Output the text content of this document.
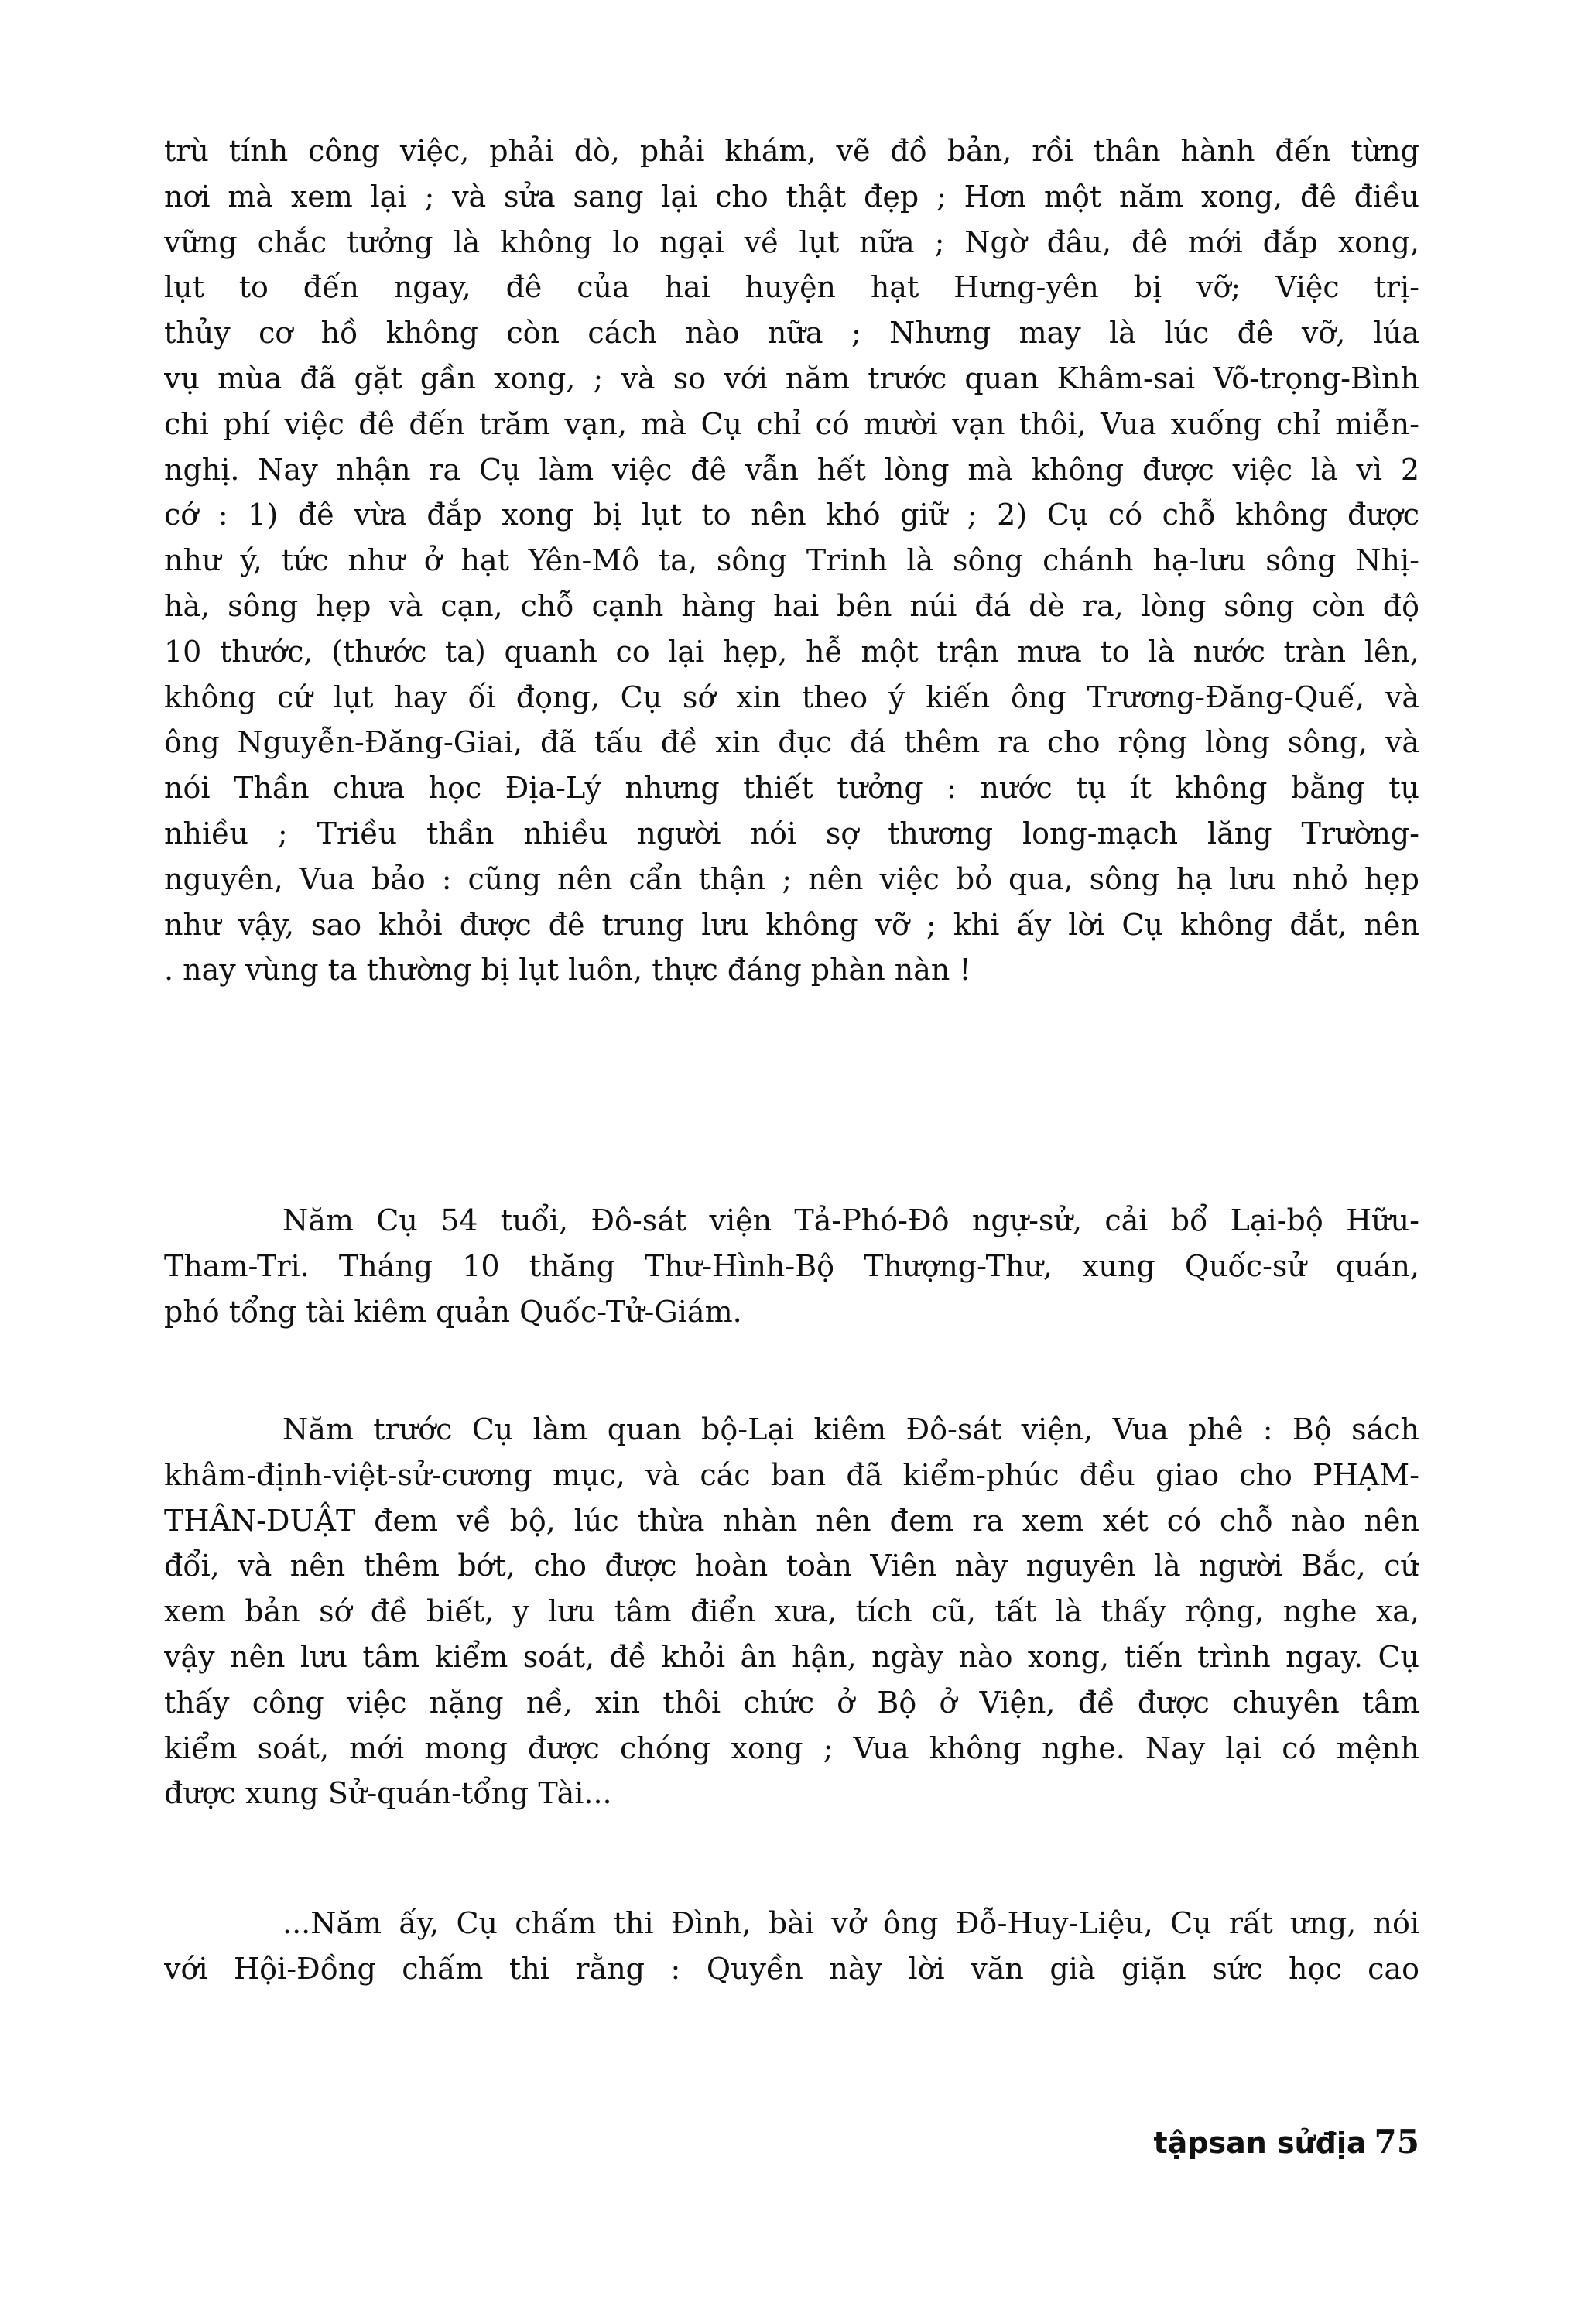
trù tính công việc, phải dò, phải khám, vẽ đồ bản, rồi thân hành đến từng
nơi mà xem lại ; và sửa sang lại cho thật đẹp ; Hơn một năm xong, đê điều
vững chắc tưởng là không lo ngại về lụt nữa ; Ngờ đâu, đê mới đắp xong,
lụt to đến ngay, đê của hai huyện hạt Hưng-yên bị vỡ; Việc trị-
thủy cơ hồ không còn cách nào nữa ; Nhưng may là lúc đê vỡ, lúa
vụ mùa đã gặt gần xong, ; và so với năm trước quan Khâm-sai Võ-trọng-Bình
chi phí việc đê đến trăm vạn, mà Cụ chỉ có mười vạn thôi, Vua xuống chỉ miễn-
nghị. Nay nhận ra Cụ làm việc đê vẫn hết lòng mà không được việc là vì 2
cớ : 1) đê vừa đắp xong bị lụt to nên khó giữ ; 2) Cụ có chỗ không được
như ý, tức như ở hạt Yên-Mô ta, sông Trinh là sông chánh hạ-lưu sông Nhị-
hà, sông hẹp và cạn, chỗ cạnh hàng hai bên núi đá dè ra, lòng sông còn độ
10 thước, (thước ta) quanh co lại hẹp, hễ một trận mưa to là nước tràn lên,
không cứ lụt hay ối đọng, Cụ sớ xin theo ý kiến ông Trương-Đăng-Quế, và
ông Nguyễn-Đăng-Giai, đã tấu đề xin đục đá thêm ra cho rộng lòng sông, và
nói Thần chưa học Địa-Lý nhưng thiết tưởng : nước tụ ít không bằng tụ
nhiều ; Triều thần nhiều người nói sợ thương long-mạch lăng Trường-
nguyên, Vua bảo : cũng nên cẩn thận ; nên việc bỏ qua, sông hạ lưu nhỏ hẹp
như vậy, sao khỏi được đê trung lưu không vỡ ; khi ấy lời Cụ không đắt, nên
. nay vùng ta thường bị lụt luôn, thực đáng phàn nàn !
Năm Cụ 54 tuổi, Đô-sát viện Tả-Phó-Đô ngự-sử, cải bổ Lại-bộ Hữu-
Tham-Tri. Tháng 10 thăng Thư-Hình-Bộ Thượng-Thư, xung Quốc-sử quán,
phó tổng tài kiêm quản Quốc-Tử-Giám.
Năm trước Cụ làm quan bộ-Lại kiêm Đô-sát viện, Vua phê : Bộ sách
khâm-định-việt-sử-cương mục, và các ban đã kiểm-phúc đều giao cho PHẠM-
THÂN-DUẬT đem về bộ, lúc thừa nhàn nên đem ra xem xét có chỗ nào nên
đổi, và nên thêm bớt, cho được hoàn toàn Viên này nguyên là người Bắc, cứ
xem bản sớ đề biết, y lưu tâm điển xưa, tích cũ, tất là thấy rộng, nghe xa,
vậy nên lưu tâm kiểm soát, đề khỏi ân hận, ngày nào xong, tiến trình ngay. Cụ
thấy công việc nặng nề, xin thôi chức ở Bộ ở Viện, đề được chuyên tâm
kiểm soát, mới mong được chóng xong ; Vua không nghe. Nay lại có mệnh
được xung Sử-quán-tổng Tài...
...Năm ấy, Cụ chấm thi Đình, bài vở ông Đỗ-Huy-Liệu, Cụ rất ưng, nói
với Hội-Đồng chấm thi rằng : Quyền này lời văn già giặn sức học cao
tậpsan sửđịa 75
